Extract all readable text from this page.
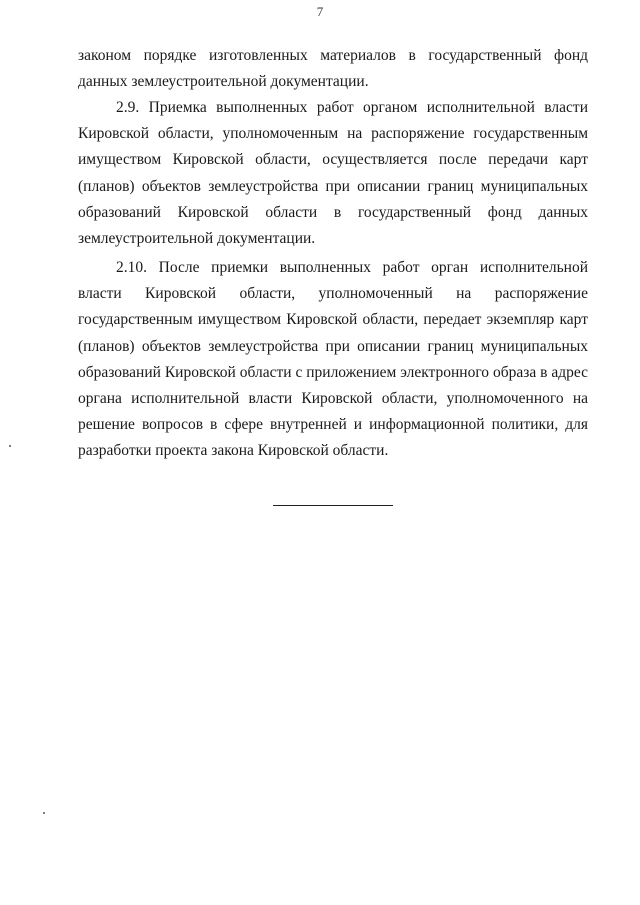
7
законом порядке изготовленных материалов в государственный фонд данных землеустроительной документации.
2.9. Приемка выполненных работ органом исполнительной власти Кировской области, уполномоченным на распоряжение государственным имуществом Кировской области, осуществляется после передачи карт (планов) объектов землеустройства при описании границ муниципальных образований Кировской области в государственный фонд данных землеустроительной документации.
2.10. После приемки выполненных работ орган исполнительной власти Кировской области, уполномоченный на распоряжение государственным имуществом Кировской области, передает экземпляр карт (планов) объектов землеустройства при описании границ муниципальных образований Кировской области с приложением электронного образа в адрес органа исполнительной власти Кировской области, уполномоченного на решение вопросов в сфере внутренней и информационной политики, для разработки проекта закона Кировской области.
